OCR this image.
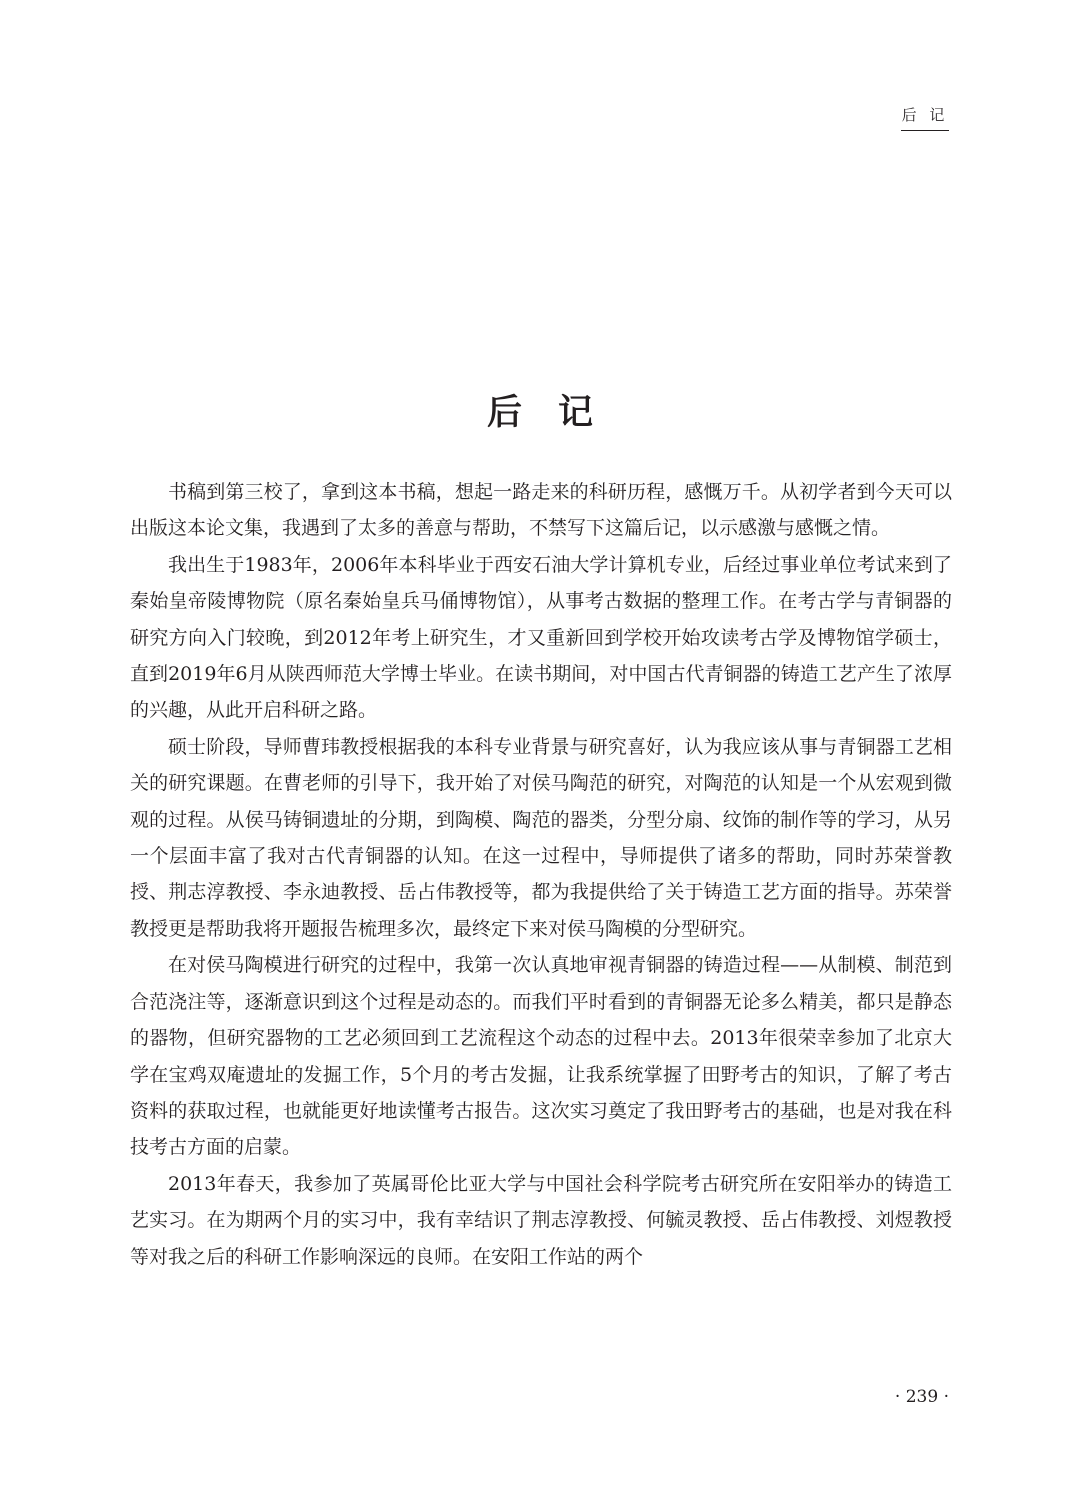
后 记
后记

书稿到第三校了，拿到这本书稿，想起一路走来的科研历程，感慨万千。从初学者到今天可以出版这本论文集，我遇到了太多的善意与帮助，不禁写下这篇后记，以示感激与感慨之情。

我出生于1983年，2006年本科毕业于西安石油大学计算机专业，后经过事业单位考试来到了秦始皇帝陵博物院（原名秦始皇兵马俑博物馆），从事考古数据的整理工作。在考古学与青铜器的研究方向入门较晚，到2012年考上研究生，才又重新回到学校开始攻读考古学及博物馆学硕士，直到2019年6月从陕西师范大学博士毕业。在读书期间，对中国古代青铜器的铸造工艺产生了浓厚的兴趣，从此开启科研之路。

硕士阶段，导师曹玮教授根据我的本科专业背景与研究喜好，认为我应该从事与青铜器工艺相关的研究课题。在曹老师的引导下，我开始了对侯马陶范的研究，对陶范的认知是一个从宏观到微观的过程。从侯马铸铜遗址的分期，到陶模、陶范的器类，分型分扇、纹饰的制作等的学习，从另一个层面丰富了我对古代青铜器的认知。在这一过程中，导师提供了诸多的帮助，同时苏荣誉教授、荆志淳教授、李永迪教授、岳占伟教授等，都为我提供给了关于铸造工艺方面的指导。苏荣誉教授更是帮助我将开题报告梳理多次，最终定下来对侯马陶模的分型研究。

在对侯马陶模进行研究的过程中，我第一次认真地审视青铜器的铸造过程——从制模、制范到合范浇注等，逐渐意识到这个过程是动态的。而我们平时看到的青铜器无论多么精美，都只是静态的器物，但研究器物的工艺必须回到工艺流程这个动态的过程中去。2013年很荣幸参加了北京大学在宝鸡双庵遗址的发掘工作，5个月的考古发掘，让我系统掌握了田野考古的知识，了解了考古资料的获取过程，也就能更好地读懂考古报告。这次实习奠定了我田野考古的基础，也是对我在科技考古方面的启蒙。

2013年春天，我参加了英属哥伦比亚大学与中国社会科学院考古研究所在安阳举办的铸造工艺实习。在为期两个月的实习中，我有幸结识了荆志淳教授、何毓灵教授、岳占伟教授、刘煜教授等对我之后的科研工作影响深远的良师。在安阳工作站的两个

· 239 ·
